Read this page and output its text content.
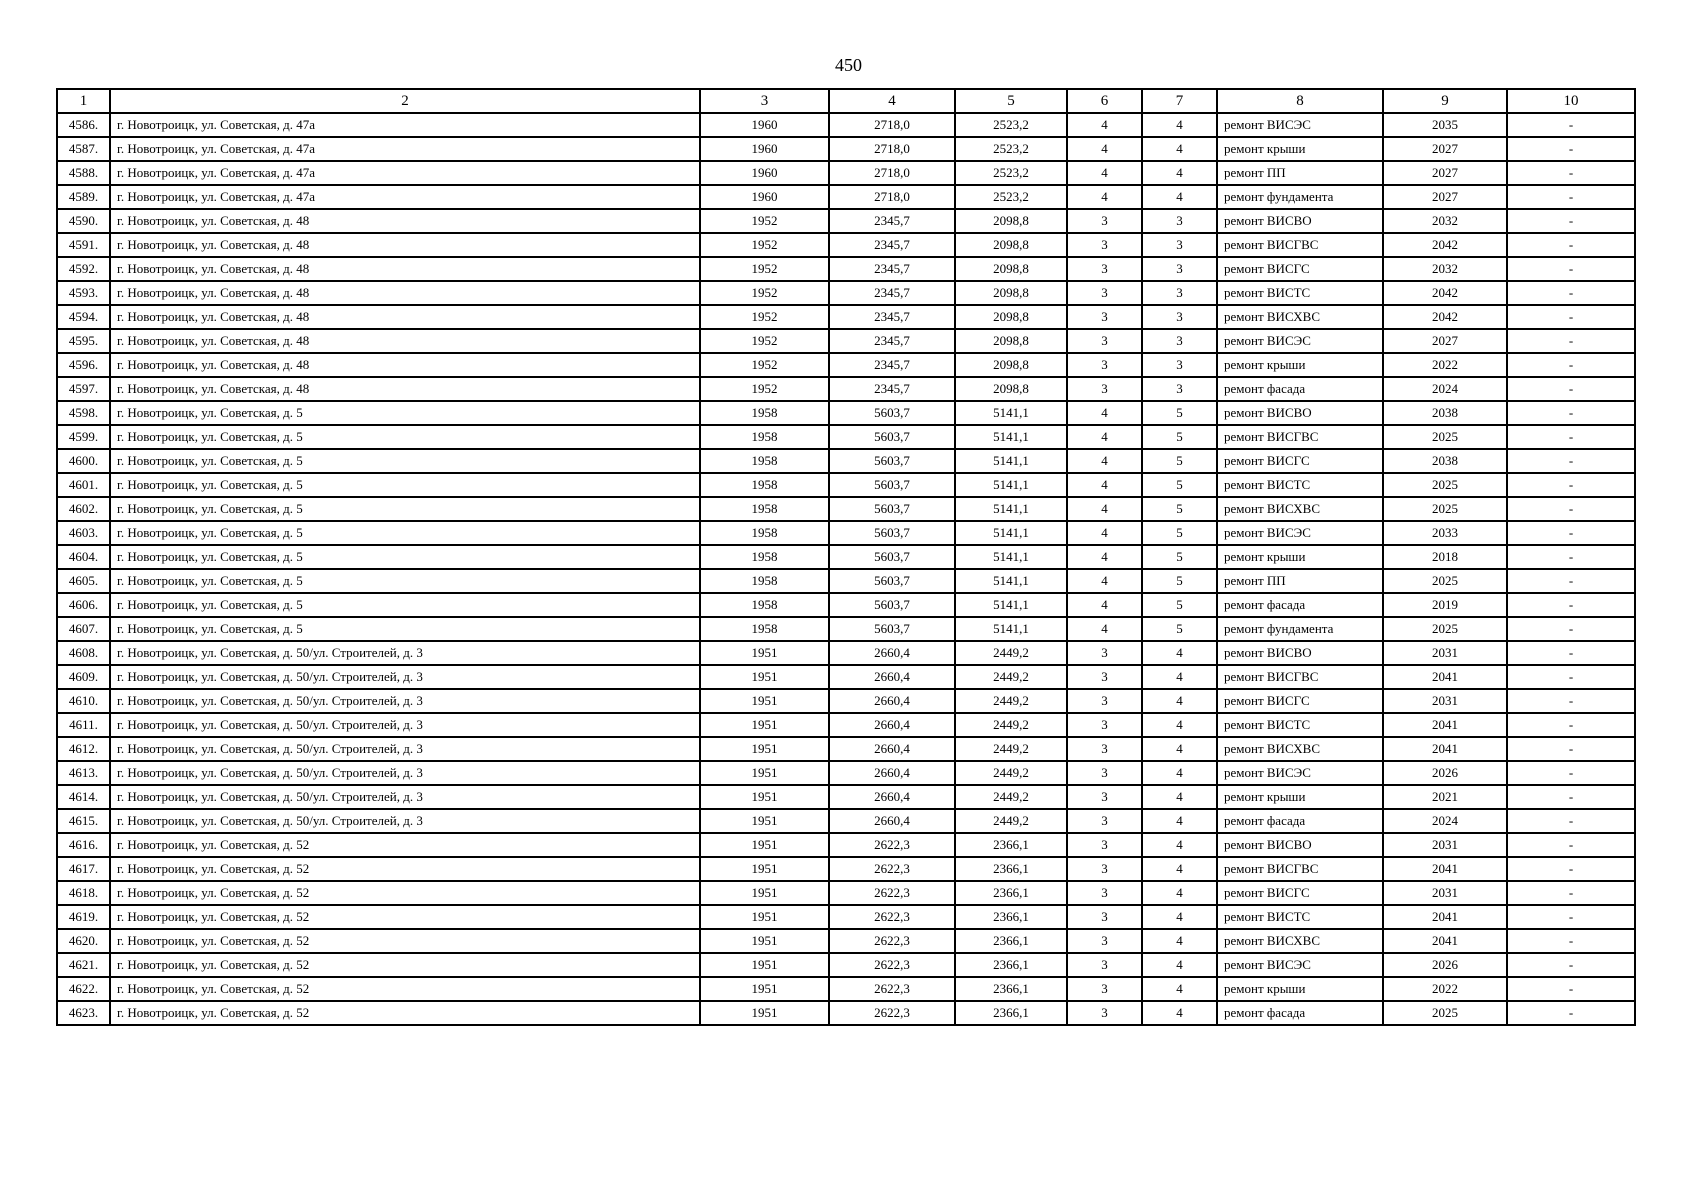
450
1	2	3	4	5	6	7	8	9	10
4586.	г. Новотроицк, ул. Советская, д. 47а	1960	2718,0	2523,2	4	4	ремонт ВИСЭС	2035	-
4587.	г. Новотроицк, ул. Советская, д. 47а	1960	2718,0	2523,2	4	4	ремонт крыши	2027	-
4588.	г. Новотроицк, ул. Советская, д. 47а	1960	2718,0	2523,2	4	4	ремонт ПП	2027	-
4589.	г. Новотроицк, ул. Советская, д. 47а	1960	2718,0	2523,2	4	4	ремонт фундамента	2027	-
4590.	г. Новотроицк, ул. Советская, д. 48	1952	2345,7	2098,8	3	3	ремонт ВИСВО	2032	-
4591.	г. Новотроицк, ул. Советская, д. 48	1952	2345,7	2098,8	3	3	ремонт ВИСГВС	2042	-
4592.	г. Новотроицк, ул. Советская, д. 48	1952	2345,7	2098,8	3	3	ремонт ВИСГС	2032	-
4593.	г. Новотроицк, ул. Советская, д. 48	1952	2345,7	2098,8	3	3	ремонт ВИСТС	2042	-
4594.	г. Новотроицк, ул. Советская, д. 48	1952	2345,7	2098,8	3	3	ремонт ВИСХВС	2042	-
4595.	г. Новотроицк, ул. Советская, д. 48	1952	2345,7	2098,8	3	3	ремонт ВИСЭС	2027	-
4596.	г. Новотроицк, ул. Советская, д. 48	1952	2345,7	2098,8	3	3	ремонт крыши	2022	-
4597.	г. Новотроицк, ул. Советская, д. 48	1952	2345,7	2098,8	3	3	ремонт фасада	2024	-
4598.	г. Новотроицк, ул. Советская, д. 5	1958	5603,7	5141,1	4	5	ремонт ВИСВО	2038	-
4599.	г. Новотроицк, ул. Советская, д. 5	1958	5603,7	5141,1	4	5	ремонт ВИСГВС	2025	-
4600.	г. Новотроицк, ул. Советская, д. 5	1958	5603,7	5141,1	4	5	ремонт ВИСГС	2038	-
4601.	г. Новотроицк, ул. Советская, д. 5	1958	5603,7	5141,1	4	5	ремонт ВИСТС	2025	-
4602.	г. Новотроицк, ул. Советская, д. 5	1958	5603,7	5141,1	4	5	ремонт ВИСХВС	2025	-
4603.	г. Новотроицк, ул. Советская, д. 5	1958	5603,7	5141,1	4	5	ремонт ВИСЭС	2033	-
4604.	г. Новотроицк, ул. Советская, д. 5	1958	5603,7	5141,1	4	5	ремонт крыши	2018	-
4605.	г. Новотроицк, ул. Советская, д. 5	1958	5603,7	5141,1	4	5	ремонт ПП	2025	-
4606.	г. Новотроицк, ул. Советская, д. 5	1958	5603,7	5141,1	4	5	ремонт фасада	2019	-
4607.	г. Новотроицк, ул. Советская, д. 5	1958	5603,7	5141,1	4	5	ремонт фундамента	2025	-
4608.	г. Новотроицк, ул. Советская, д. 50/ул. Строителей, д. 3	1951	2660,4	2449,2	3	4	ремонт ВИСВО	2031	-
4609.	г. Новотроицк, ул. Советская, д. 50/ул. Строителей, д. 3	1951	2660,4	2449,2	3	4	ремонт ВИСГВС	2041	-
4610.	г. Новотроицк, ул. Советская, д. 50/ул. Строителей, д. 3	1951	2660,4	2449,2	3	4	ремонт ВИСГС	2031	-
4611.	г. Новотроицк, ул. Советская, д. 50/ул. Строителей, д. 3	1951	2660,4	2449,2	3	4	ремонт ВИСТС	2041	-
4612.	г. Новотроицк, ул. Советская, д. 50/ул. Строителей, д. 3	1951	2660,4	2449,2	3	4	ремонт ВИСХВС	2041	-
4613.	г. Новотроицк, ул. Советская, д. 50/ул. Строителей, д. 3	1951	2660,4	2449,2	3	4	ремонт ВИСЭС	2026	-
4614.	г. Новотроицк, ул. Советская, д. 50/ул. Строителей, д. 3	1951	2660,4	2449,2	3	4	ремонт крыши	2021	-
4615.	г. Новотроицк, ул. Советская, д. 50/ул. Строителей, д. 3	1951	2660,4	2449,2	3	4	ремонт фасада	2024	-
4616.	г. Новотроицк, ул. Советская, д. 52	1951	2622,3	2366,1	3	4	ремонт ВИСВО	2031	-
4617.	г. Новотроицк, ул. Советская, д. 52	1951	2622,3	2366,1	3	4	ремонт ВИСГВС	2041	-
4618.	г. Новотроицк, ул. Советская, д. 52	1951	2622,3	2366,1	3	4	ремонт ВИСГС	2031	-
4619.	г. Новотроицк, ул. Советская, д. 52	1951	2622,3	2366,1	3	4	ремонт ВИСТС	2041	-
4620.	г. Новотроицк, ул. Советская, д. 52	1951	2622,3	2366,1	3	4	ремонт ВИСХВС	2041	-
4621.	г. Новотроицк, ул. Советская, д. 52	1951	2622,3	2366,1	3	4	ремонт ВИСЭС	2026	-
4622.	г. Новотроицк, ул. Советская, д. 52	1951	2622,3	2366,1	3	4	ремонт крыши	2022	-
4623.	г. Новотроицк, ул. Советская, д. 52	1951	2622,3	2366,1	3	4	ремонт фасада	2025	-
